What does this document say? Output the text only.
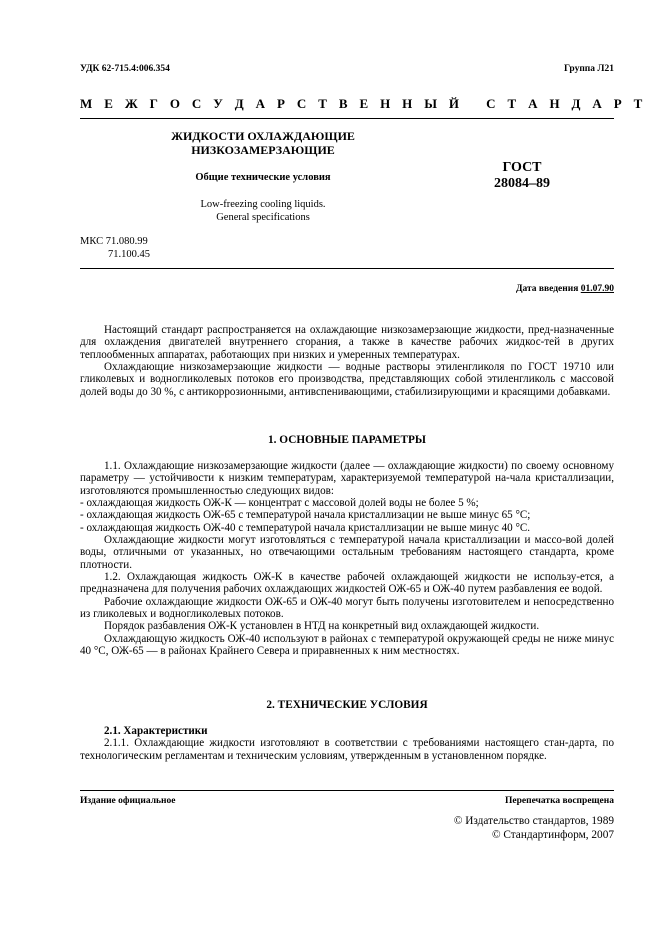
УДК 62-715.4:006.354	Группа Л21
М Е Ж Г О С У Д А Р С Т В Е Н Н Ы Й   С Т А Н Д А Р Т
ЖИДКОСТИ ОХЛАЖДАЮЩИЕ
НИЗКОЗАМЕРЗАЮЩИЕ
Общие технические условия
Low-freezing cooling liquids.
General specifications
ГОСТ
28084–89
МКС 71.080.99
71.100.45
Дата введения 01.07.90

Настоящий стандарт распространяется на охлаждающие низкозамерзающие жидкости, пред-назначенные для охлаждения двигателей внутреннего сгорания, а также в качестве рабочих жидкос-тей в других теплообменных аппаратах, работающих при низких и умеренных температурах.

Охлаждающие низкозамерзающие жидкости — водные растворы этиленгликоля по ГОСТ 19710 или гликолевых и водногликолевых потоков его производства, представляющих собой этиленгликоль с массовой долей воды до 30 %, с антикоррозионными, антивспенивающими, стабилизирующими и красящими добавками.

1. ОСНОВНЫЕ ПАРАМЕТРЫ

1.1. Охлаждающие низкозамерзающие жидкости (далее — охлаждающие жидкости) по своему основному параметру — устойчивости к низким температурам, характеризуемой температурой на-чала кристаллизации, изготовляются промышленностью следующих видов:

- охлаждающая жидкость ОЖ-К — концентрат с массовой долей воды не более 5 %;

- охлаждающая жидкость ОЖ-65 с температурой начала кристаллизации не выше минус 65 °С;

- охлаждающая жидкость ОЖ-40 с температурой начала кристаллизации не выше минус 40 °С.

Охлаждающие жидкости могут изготовляться с температурой начала кристаллизации и массо-вой долей воды, отличными от указанных, но отвечающими остальным требованиям настоящего стандарта, кроме плотности.

1.2. Охлаждающая жидкость ОЖ-К в качестве рабочей охлаждающей жидкости не использу-ется, а предназначена для получения рабочих охлаждающих жидкостей ОЖ-65 и ОЖ-40 путем разбавления ее водой.

Рабочие охлаждающие жидкости ОЖ-65 и ОЖ-40 могут быть получены изготовителем и непосредственно из гликолевых и водногликолевых потоков.

Порядок разбавления ОЖ-К установлен в НТД на конкретный вид охлаждающей жидкости.

Охлаждающую жидкость ОЖ-40 используют в районах с температурой окружающей среды не ниже минус 40 °С, ОЖ-65 — в районах Крайнего Севера и приравненных к ним местностях.

2. ТЕХНИЧЕСКИЕ УСЛОВИЯ

2.1. Характеристики

2.1.1. Охлаждающие жидкости изготовляют в соответствии с требованиями настоящего стан-дарта, по технологическим регламентам и техническим условиям, утвержденным в установленном порядке.

Издание официальное	Перепечатка воспрещена
© Издательство стандартов, 1989
© Стандартинформ, 2007
